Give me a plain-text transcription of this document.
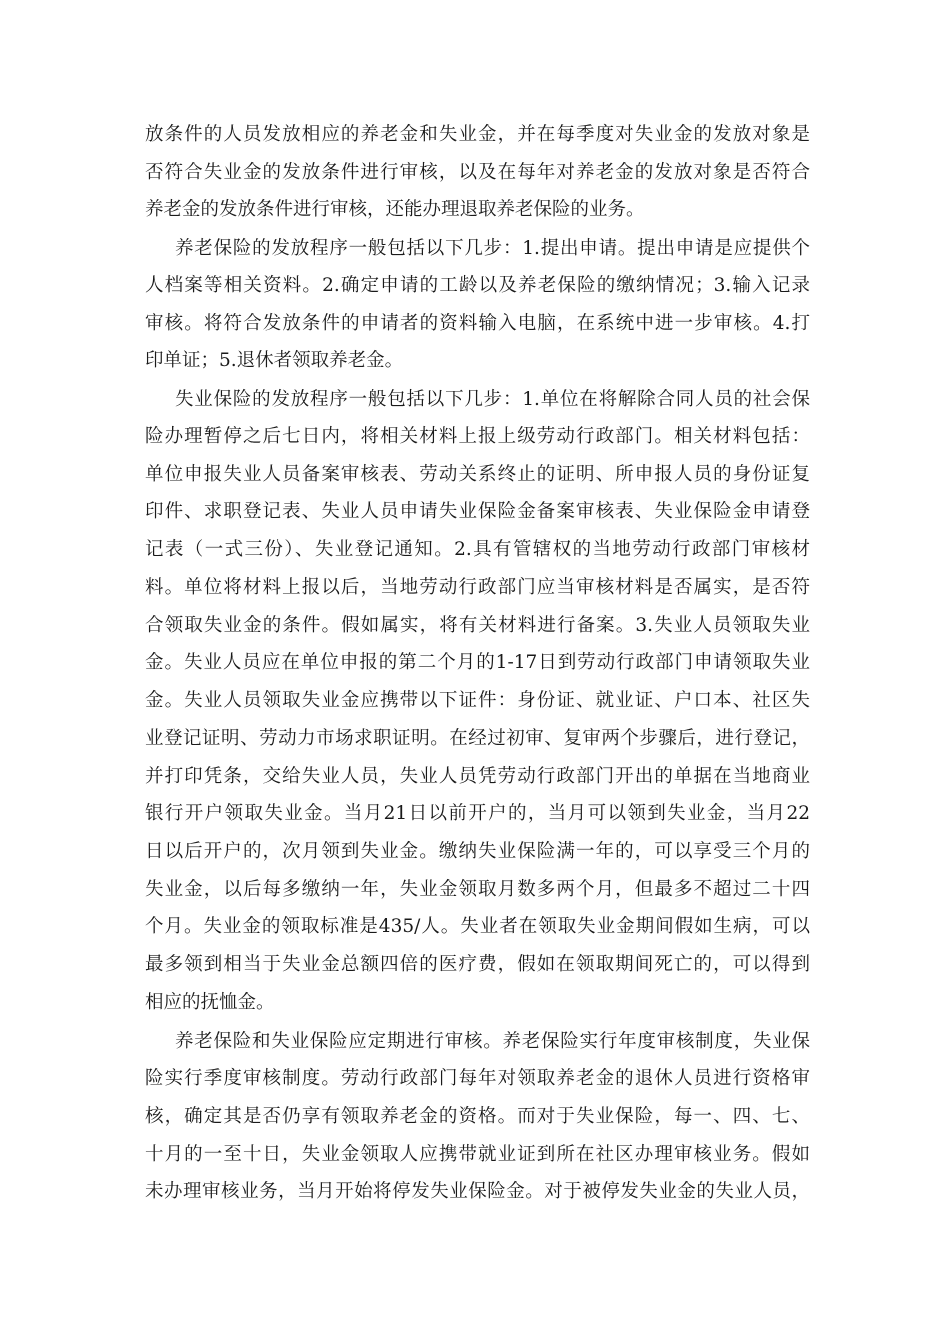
放条件的人员发放相应的养老金和失业金，并在每季度对失业金的发放对象是
否符合失业金的发放条件进行审核，以及在每年对养老金的发放对象是否符合
养老金的发放条件进行审核，还能办理退取养老保险的业务。
养老保险的发放程序一般包括以下几步：1.提出申请。提出申请是应提供个
人档案等相关资料。2.确定申请的工龄以及养老保险的缴纳情况；3.输入记录
审核。将符合发放条件的申请者的资料输入电脑，在系统中进一步审核。4.打
印单证；5.退休者领取养老金。
失业保险的发放程序一般包括以下几步：1.单位在将解除合同人员的社会保
险办理暂停之后七日内，将相关材料上报上级劳动行政部门。相关材料包括：
单位申报失业人员备案审核表、劳动关系终止的证明、所申报人员的身份证复
印件、求职登记表、失业人员申请失业保险金备案审核表、失业保险金申请登
记表（一式三份）、失业登记通知。2.具有管辖权的当地劳动行政部门审核材
料。单位将材料上报以后，当地劳动行政部门应当审核材料是否属实，是否符
合领取失业金的条件。假如属实，将有关材料进行备案。3.失业人员领取失业
金。失业人员应在单位申报的第二个月的1-17日到劳动行政部门申请领取失业
金。失业人员领取失业金应携带以下证件：身份证、就业证、户口本、社区失
业登记证明、劳动力市场求职证明。在经过初审、复审两个步骤后，进行登记，
并打印凭条，交给失业人员，失业人员凭劳动行政部门开出的单据在当地商业
银行开户领取失业金。当月21日以前开户的，当月可以领到失业金，当月22
日以后开户的，次月领到失业金。缴纳失业保险满一年的，可以享受三个月的
失业金，以后每多缴纳一年，失业金领取月数多两个月，但最多不超过二十四
个月。失业金的领取标准是435/人。失业者在领取失业金期间假如生病，可以
最多领到相当于失业金总额四倍的医疗费，假如在领取期间死亡的，可以得到
相应的抚恤金。
养老保险和失业保险应定期进行审核。养老保险实行年度审核制度，失业保
险实行季度审核制度。劳动行政部门每年对领取养老金的退休人员进行资格审
核，确定其是否仍享有领取养老金的资格。而对于失业保险，每一、四、七、
十月的一至十日，失业金领取人应携带就业证到所在社区办理审核业务。假如
未办理审核业务，当月开始将停发失业保险金。对于被停发失业金的失业人员，
